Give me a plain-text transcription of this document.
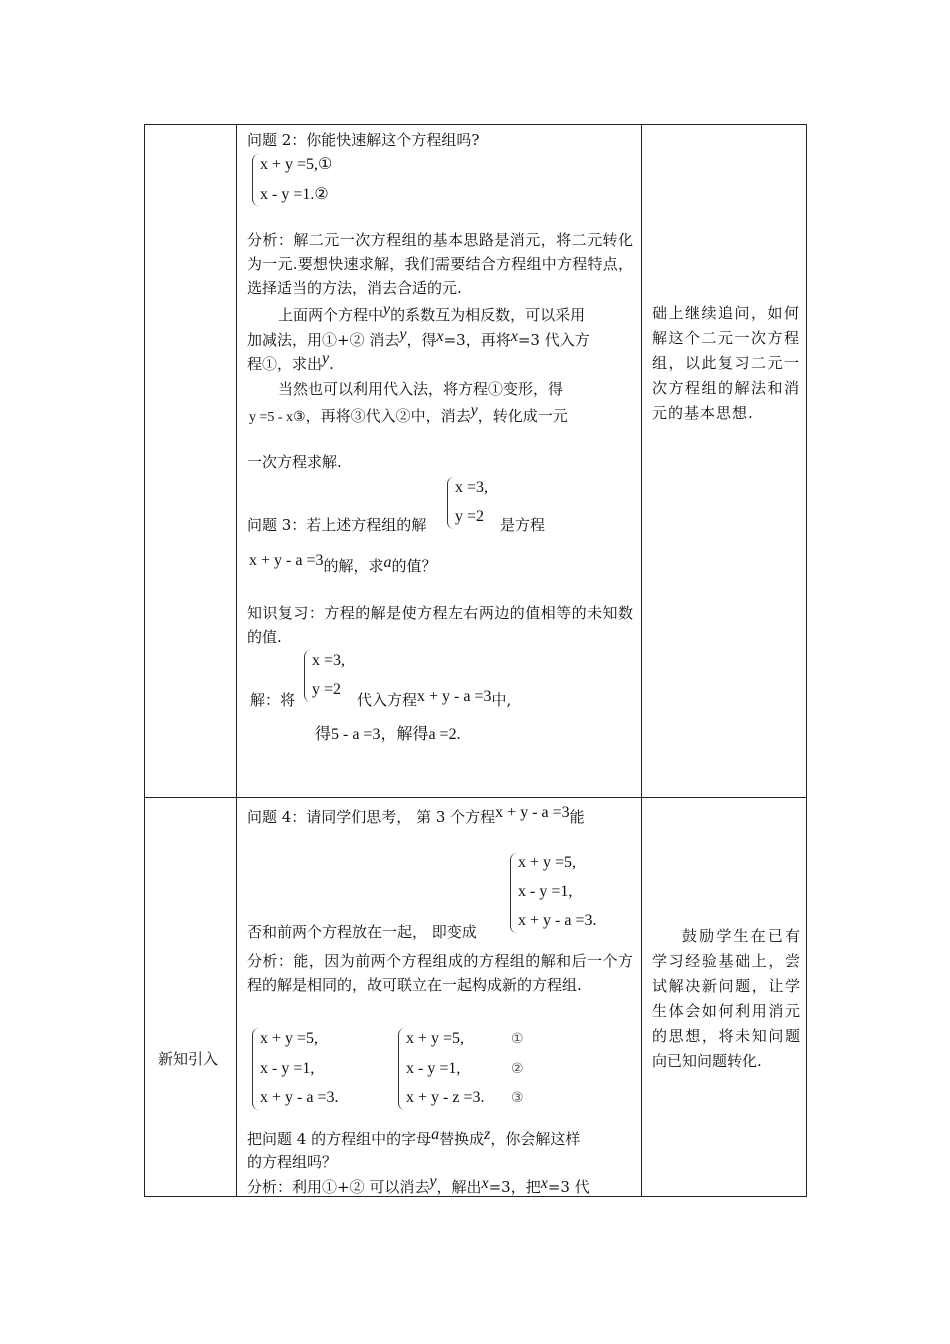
问题 2：你能快速解这个方程组吗?
x + y =5,①
x - y =1.②
分析：解二元一次方程组的基本思路是消元，将二元转化为一元.要想快速求解，我们需要结合方程组中方程特点，选择适当的方法，消去合适的元.
上面两个方程中y的系数互为相反数，可以采用
加减法，用①+② 消去y，得x=3，再将x=3 代入方
程①，求出y.
当然也可以利用代入法，将方程①变形，得
y =5 - x③，再将③代入②中，消去y，转化成一元
一次方程求解.
x =3,
y =2
问题 3：若上述方程组的解	是方程
x + y - a =3的解，求a的值？
知识复习：方程的解是使方程左右两边的值相等的未知数的值.
x =3,
y =2
解：将	代入方程x + y - a =3中,
得5 - a =3，解得a =2.
础上继续追问，如何解这个二元一次方程组，以此复习二元一次方程组的解法和消元的基本思想.
新知引入
问题 4：请同学们思考， 第 3 个方程x + y - a =3能
x + y =5,
x - y =1,
x + y - a =3.
否和前两个方程放在一起， 即变成
分析：能，因为前两个方程组成的方程组的解和后一个方程的解是相同的，故可联立在一起构成新的方程组.
x + y =5,
x - y =1,
x + y - a =3.
x + y =5,
x - y =1,
x + y - z =3.
①
②
③
把问题 4 的方程组中的字母a替换成z，你会解这样
的方程组吗？
分析：利用①+② 可以消去y，解出x=3，把x=3 代
鼓励学生在已有学习经验基础上，尝试解决新问题，让学生体会如何利用消元的思想，将未知问题向已知问题转化.
